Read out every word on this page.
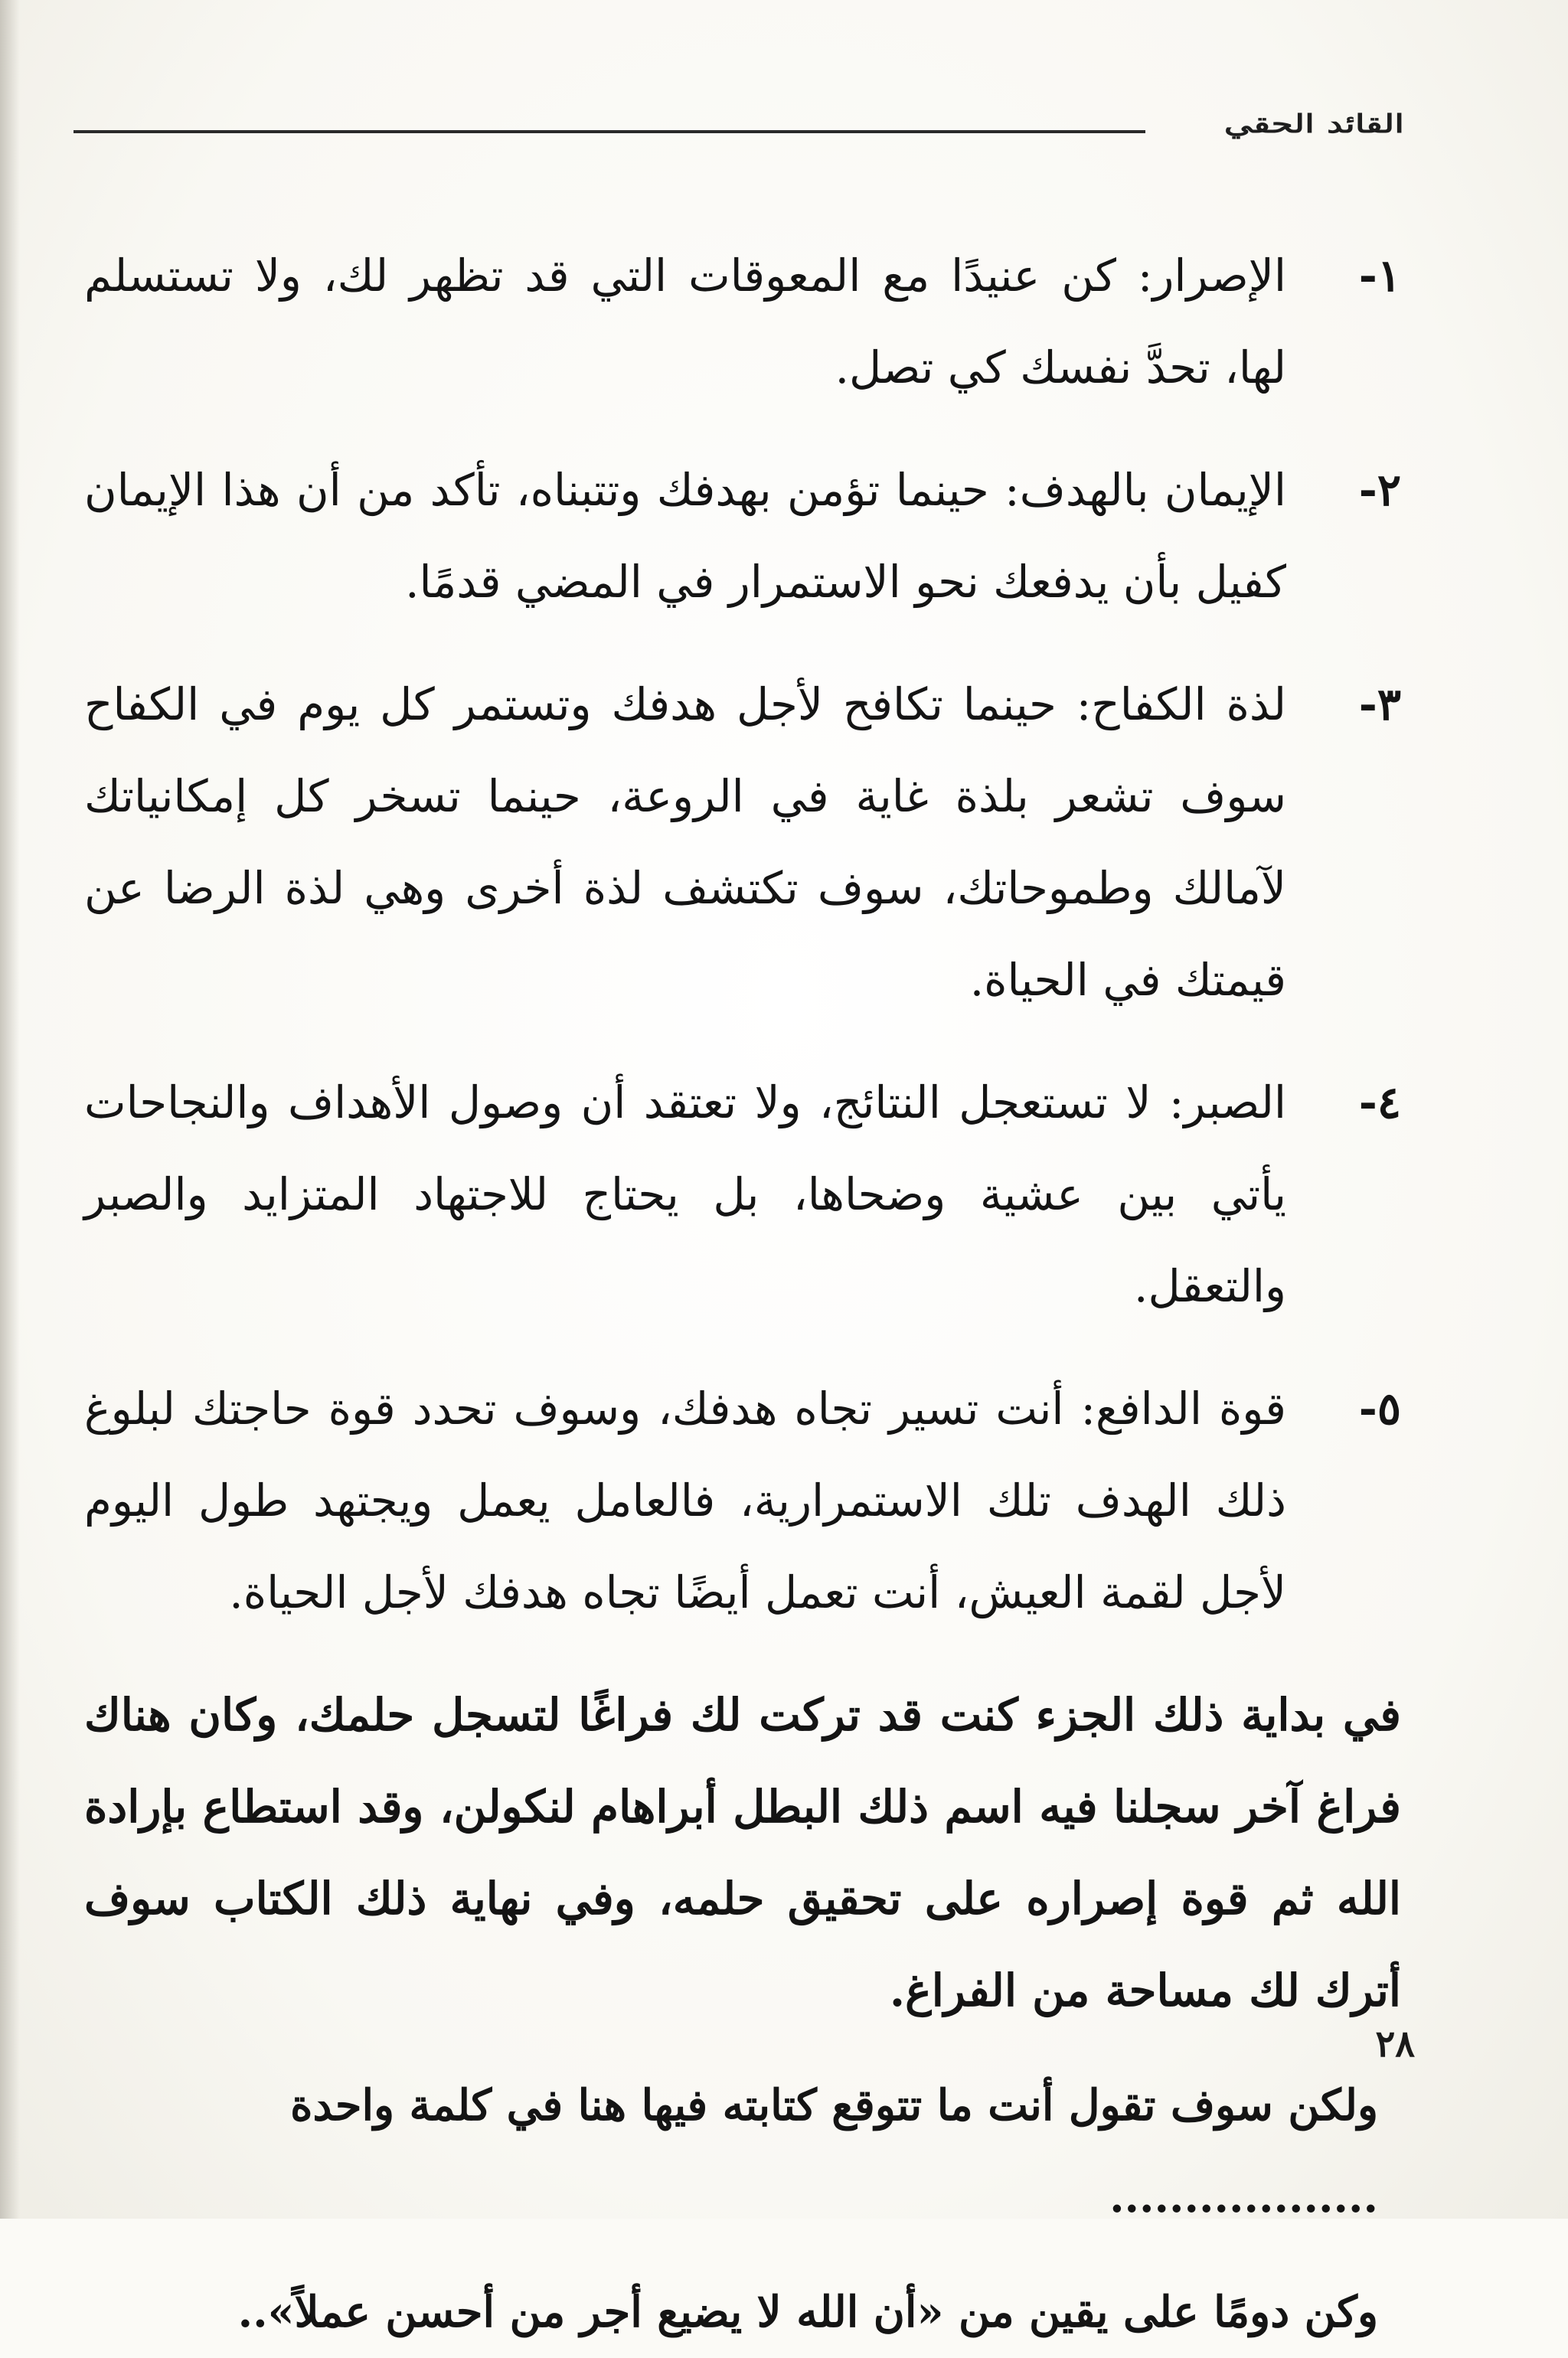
القائد الحقي
١-
الإصرار: كن عنيدًا مع المعوقات التي قد تظهر لك، ولا تستسلم لها، تحدَّ نفسك كي تصل.
٢-
الإيمان بالهدف: حينما تؤمن بهدفك وتتبناه، تأكد من أن هذا الإيمان كفيل بأن يدفعك نحو الاستمرار في المضي قدمًا.
٣-
لذة الكفاح: حينما تكافح لأجل هدفك وتستمر كل يوم في الكفاح سوف تشعر بلذة غاية في الروعة، حينما تسخر كل إمكانياتك لآمالك وطموحاتك، سوف تكتشف لذة أخرى وهي لذة الرضا عن قيمتك في الحياة.
٤-
الصبر: لا تستعجل النتائج، ولا تعتقد أن وصول الأهداف والنجاحات يأتي بين عشية وضحاها، بل يحتاج للاجتهاد المتزايد والصبر والتعقل.
٥-
قوة الدافع: أنت تسير تجاه هدفك، وسوف تحدد قوة حاجتك لبلوغ ذلك الهدف تلك الاستمرارية، فالعامل يعمل ويجتهد طول اليوم لأجل لقمة العيش، أنت تعمل أيضًا تجاه هدفك لأجل الحياة.

في بداية ذلك الجزء كنت قد تركت لك فراغًا لتسجل حلمك، وكان هناك فراغ آخر سجلنا فيه اسم ذلك البطل أبراهام لنكولن، وقد استطاع بإرادة الله ثم قوة إصراره على تحقيق حلمه، وفي نهاية ذلك الكتاب سوف أترك لك مساحة من الفراغ.

ولكن سوف تقول أنت ما تتوقع كتابته فيها هنا في كلمة واحدة ..................

وكن دومًا على يقين من «أن الله لا يضيع أجر من أحسن عملاً»..

٢٨
